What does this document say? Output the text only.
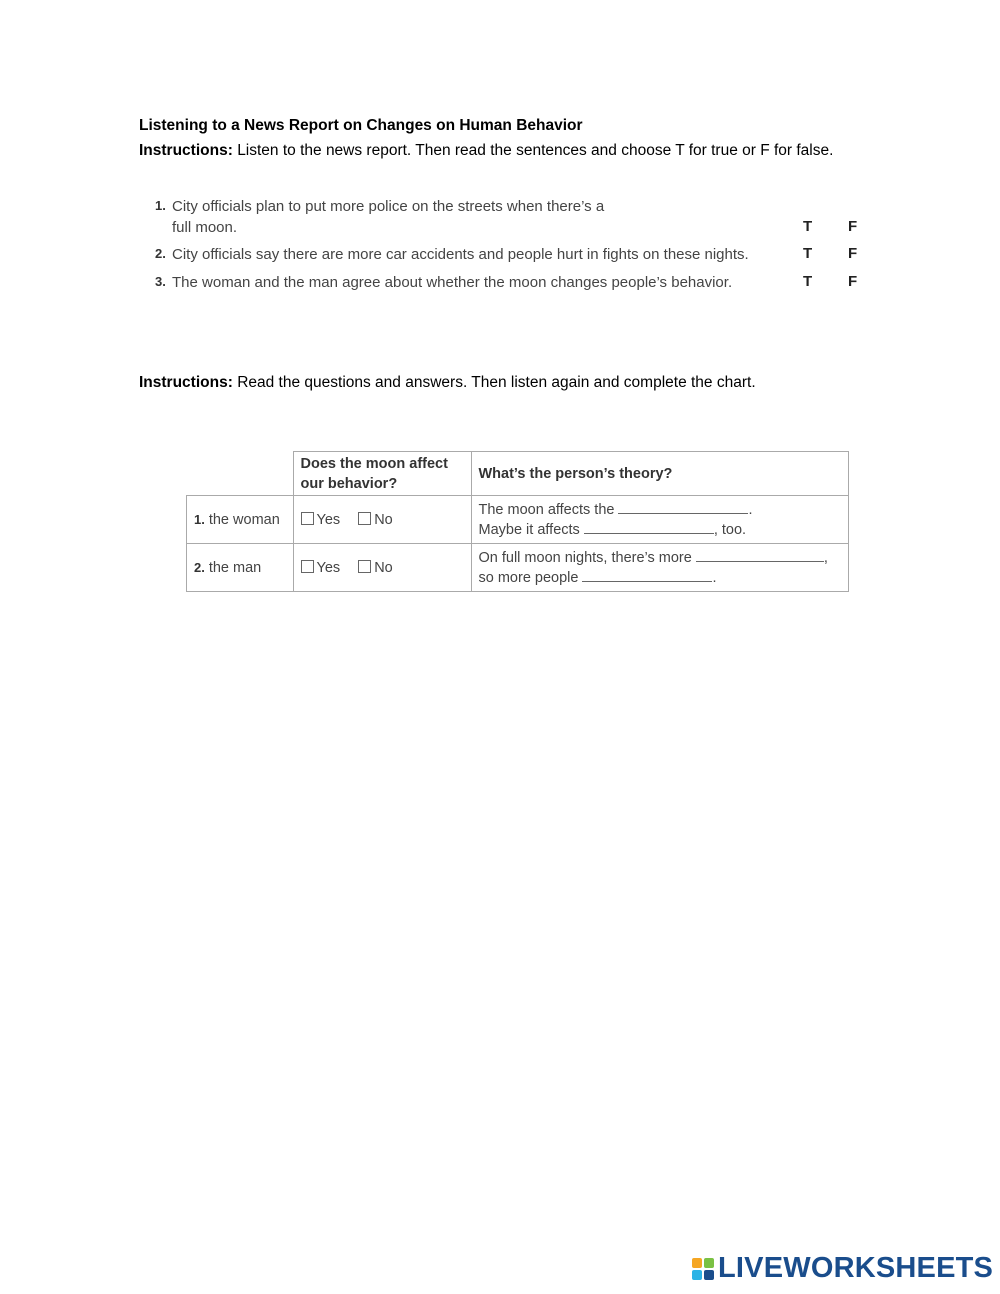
Listening to a News Report on Changes on Human Behavior
Instructions: Listen to the news report. Then read the sentences and choose T for true or F for false.
1. City officials plan to put more police on the streets when there’s a
full moon.	T F
2. City officials say there are more car accidents and people hurt in fights on these nights.	T F
3. The woman and the man agree about whether the moon changes people’s behavior.	T F
Instructions: Read the questions and answers. Then listen again and complete the chart.
	Does the moon affect our behavior?	What’s the person’s theory?
1. the woman	Yes No	The moon affects the .
Maybe it affects , too.

2. the man	Yes No	On full moon nights, there’s more ,
so more people .
LIVEWORKSHEETS
